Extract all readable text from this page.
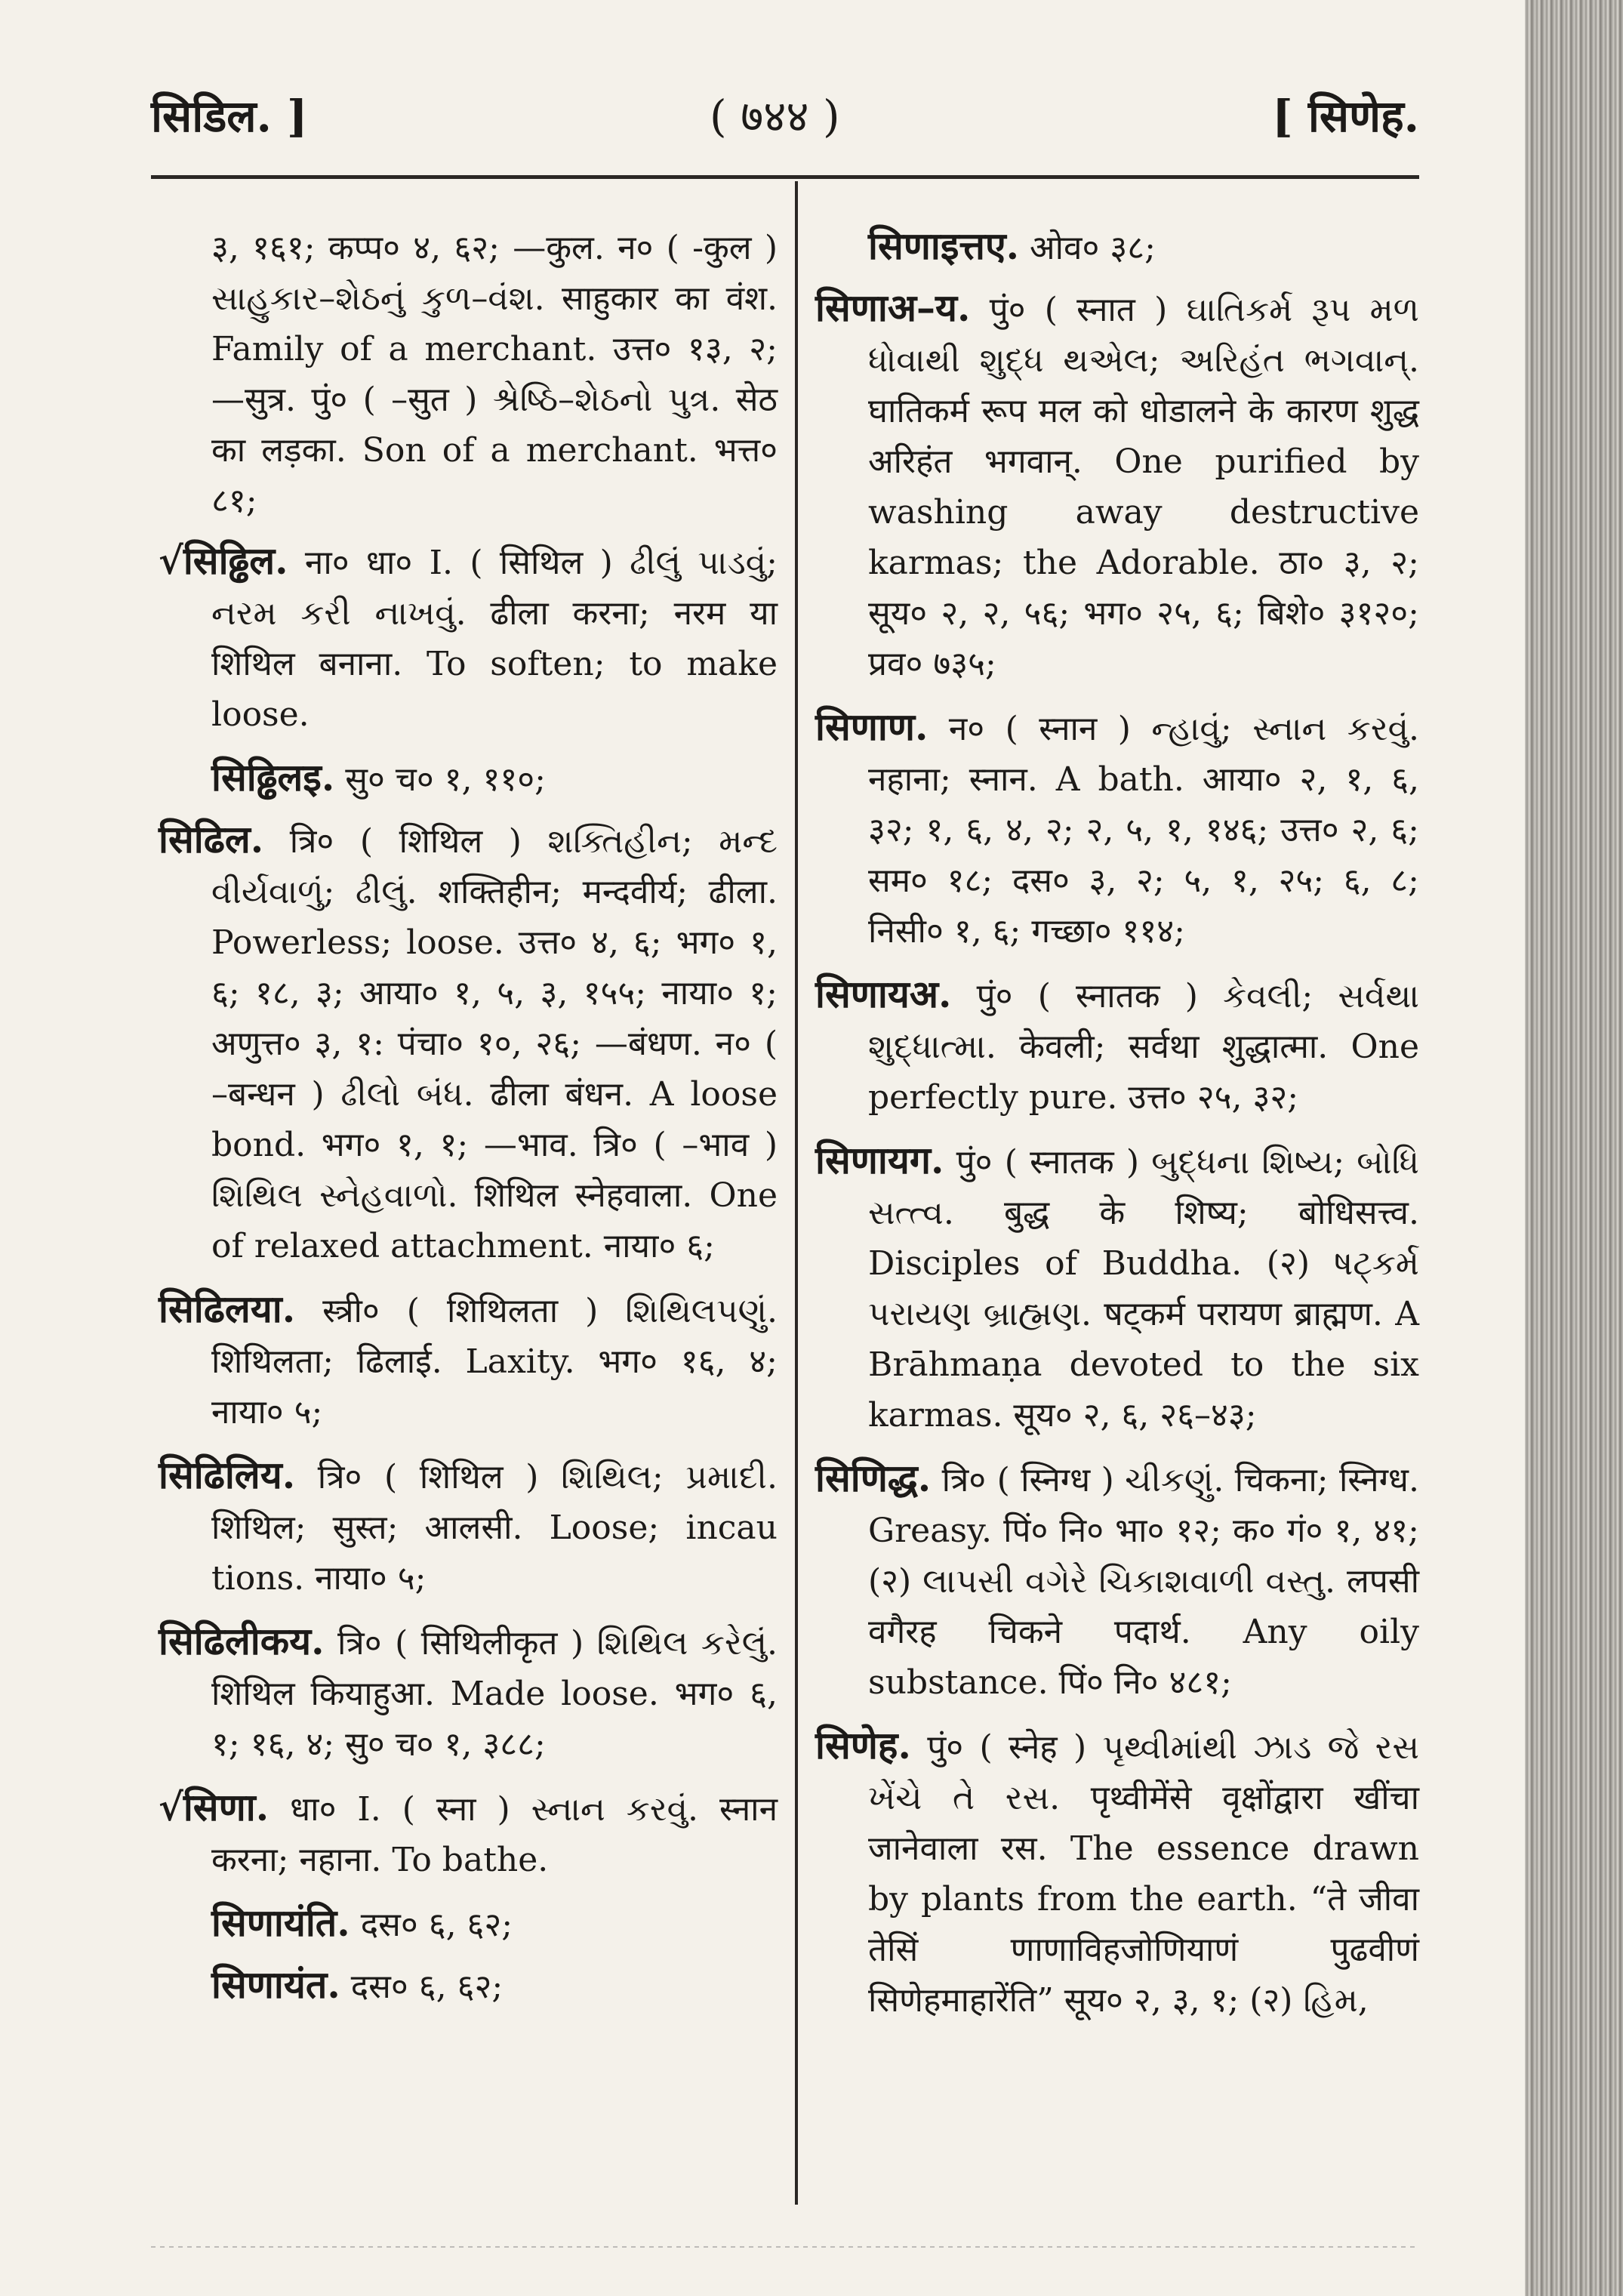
सिडिल. ]	( ७४४ )	[ सिणेह.

३, १६१; कप्प० ४, ६२; —कुल. न० ( -कुल ) સાહુકાર–શેઠનું કુળ–વંશ. साहुकार का वंश. Family of a merchant. उत्त० १३, २; —सुत्र. पुं० ( –सुत ) શ્રેષ્ઠિ–શેઠનો પુત્ર. सेठ का लड़का. Son of a merchant. भत्त० ८१;

√सिढ्ढिल. ना० धा० I. ( सिथिल ) ઢીલું પાડવું; નરમ કરી નાખવું. ढीला करना; नरम या शिथिल बनाना. To soften; to make loose.

सिढ्ढिलइ. सु० च० १, ११०;

सिढिल. त्रि० ( शिथिल ) શક્તિહીન; મન્દ વીર્યવાળું; ઢીલું. शक्तिहीन; मन्दवीर्य; ढीला. Powerless; loose. उत्त० ४, ६; भग० १, ६; १८, ३; आया० १, ५, ३, १५५; नाया० १; अणुत्त० ३, १: पंचा० १०, २६; —बंधण. न० ( –बन्धन ) ઢીલો બંધ. ढीला बंधन. A loose bond. भग० १, १; —भाव. त्रि० ( –भाव ) શિથિલ સ્નેહવાળો. शिथिल स्नेहवाला. One of relaxed attachment. नाया० ६;

सिढिलया. स्त्री० ( शिथिलता ) શિથિલપણું. शिथिलता; ढिलाई. Laxity. भग० १६, ४; नाया० ५;

सिढिलिय. त्रि० ( शिथिल ) શિથિલ; પ્રમાદી. शिथिल; सुस्त; आलसी. Loose; incau tions. नाया० ५;

सिढिलीकय. त्रि० ( सिथिलीकृत ) શિથિલ કરેલું. शिथिल कियाहुआ. Made loose. भग० ६, १; १६, ४; सु० च० १, ३८८;

√सिणा. धा० I. ( स्ना ) સ્નાન કરવું. स्नान करना; नहाना. To bathe.

सिणायंति. दस० ६, ६२;

सिणायंत. दस० ६, ६२;

सिणाइत्तए. ओव० ३८;

सिणाअ–य. पुं० ( स्नात ) ઘાતિકર્મ રૂપ મળ ધોવાથી શુદ્ધ થએલ; અરિહંત ભગવાન્. घातिकर्म रूप मल को धोडालने के कारण शुद्ध अरिहंत भगवान्. One purified by washing away destructive karmas; the Adorable. ठा० ३, २; सूय० २, २, ५६; भग० २५, ६; बिशे० ३१२०; प्रव० ७३५;

सिणाण. न० ( स्नान ) ન્હાવું; સ્નાન કરવું. नहाना; स्नान. A bath. आया० २, १, ६, ३२; १, ६, ४, २; २, ५, १, १४६; उत्त० २, ६; सम० १८; दस० ३, २; ५, १, २५; ६, ८; निसी० १, ६; गच्छा० ११४;

सिणायअ. पुं० ( स्नातक ) કેવલી; સર્વથા શુદ્ધાત્મા. केवली; सर्वथा शुद्धात्मा. One perfectly pure. उत्त० २५, ३२;

सिणायग. पुं० ( स्नातक ) બુદ્ધના શિષ્ય; બોધિ સત્ત્વ. बुद्ध के शिष्य; बोधिसत्त्व. Disciples of Buddha. (२) ષટ્કર્મ પરાયણ બ્રાહ્મણ. षट्कर्म परायण ब्राह्मण. A Brāhmaṇa devoted to the six karmas. सूय० २, ६, २६–४३;

सिणिद्ध. त्रि० ( स्निग्ध ) ચીકણું. चिकना; स्निग्ध. Greasy. पिं० नि० भा० १२; क० गं० १, ४१; (२) લાપસી વગેરે ચિકાશવાળી વસ્તુ. लपसी वगैरह चिकने पदार्थ. Any oily substance. पिं० नि० ४८१;

सिणेह. पुं० ( स्नेह ) પૃથ્વીમાંથી ઝાડ જે રસ ખેંચે તે રસ. पृथ्वीमेंसे वृक्षोंद्वारा खींचा जानेवाला रस. The essence drawn by plants from the earth. “ते जीवा तेसिं णाणाविहजोणियाणं पुढवीणं सिणेहमाहारेंति” सूय० २, ३, १; (२) હિમ,
